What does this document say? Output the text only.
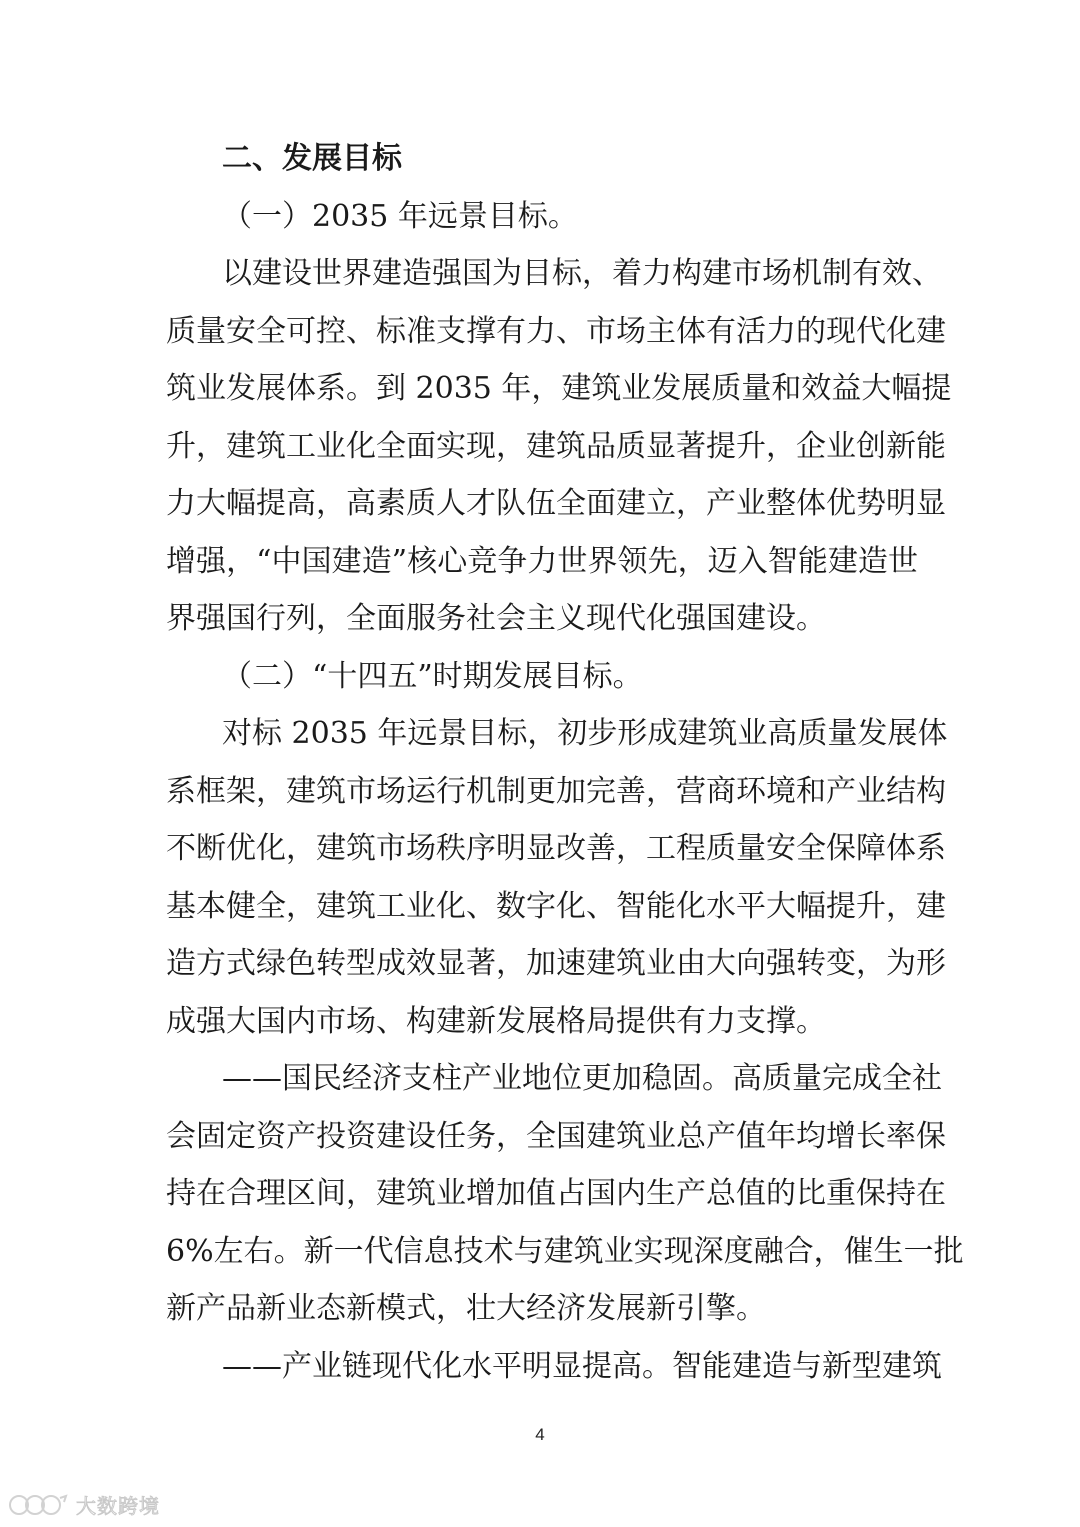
二、发展目标
（一）2035 年远景目标。
以建设世界建造强国为目标，着力构建市场机制有效、
质量安全可控、标准支撑有力、市场主体有活力的现代化建
筑业发展体系。到 2035 年，建筑业发展质量和效益大幅提
升，建筑工业化全面实现，建筑品质显著提升，企业创新能
力大幅提高，高素质人才队伍全面建立，产业整体优势明显
增强，“中国建造”核心竞争力世界领先，迈入智能建造世
界强国行列，全面服务社会主义现代化强国建设。
（二）“十四五”时期发展目标。
对标 2035 年远景目标，初步形成建筑业高质量发展体
系框架，建筑市场运行机制更加完善，营商环境和产业结构
不断优化，建筑市场秩序明显改善，工程质量安全保障体系
基本健全，建筑工业化、数字化、智能化水平大幅提升，建
造方式绿色转型成效显著，加速建筑业由大向强转变，为形
成强大国内市场、构建新发展格局提供有力支撑。
——国民经济支柱产业地位更加稳固。高质量完成全社
会固定资产投资建设任务，全国建筑业总产值年均增长率保
持在合理区间，建筑业增加值占国内生产总值的比重保持在
6%左右。新一代信息技术与建筑业实现深度融合，催生一批
新产品新业态新模式，壮大经济发展新引擎。
——产业链现代化水平明显提高。智能建造与新型建筑
4
大数跨境
